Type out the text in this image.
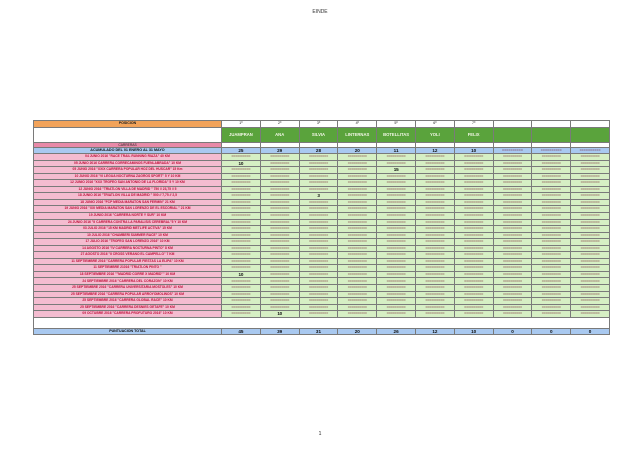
EINDE
POSICION	1º	2º	3º	4º	5º	6º	7º			
	JUAMPRAN	ANA	SILVIA	LINTERNAS	BOTELLITAS	YOLI	FELIX			
CARRERAS										
ACUMULADO DEL 01 ENERO AL 31 MAYO	25	29	28	20	11	12	10	==========	==========	==========
04 JUNIO 2016 "RACE TRAIL RUNNING RIAZA" 40 KM	==========	==========	==========	==========	==========	==========	==========	==========	==========	==========
05 JUNIO 2016 CARRERA CORRECAMINOS FUENLABRADA" 10 KM	10	==========	==========	==========	==========	==========	==========	==========	==========	==========
05 JUNIO 2016 "XXIX CARRERA POPULAR HOZ DEL HUSCAR" 15 Km	==========	==========	==========	==========	15	==========	==========	==========	==========	==========
10 JUNIO 2016 "VI LEGUA NOCTURNA ZAGROS SPORT" 5 Y 10 KM	==========	==========	==========	==========	==========	==========	==========	==========	==========	==========
12 JUNIO 2016 "XXX TROFEO SAN ANTONIO DE LA FLORIDA" 5 Y 10 KM	==========	==========	==========	==========	==========	==========	==========	==========	==========	==========
12 JUNIO 2016 "TRIATLON VILLA DE MADRID " 750 // 23,75 // 5	==========	==========	==========	==========	==========	==========	==========	==========	==========	==========
18 JUNIO 2016 "TRIATLON VILLA DE MADRID " 500 // 7,75 // 2,5	==========	==========	3	==========	==========	==========	==========	==========	==========	==========
18 JUNIO 2016 "FCP MEDIA MARATON SAN FERMIN" 21 KM	==========	==========	==========	==========	==========	==========	==========	==========	==========	==========
19 JUNIO 2016 "XXI MEDIA MARATON SAN LORENZO DE EL ESCORIAL " 21 KM	==========	==========	==========	==========	==========	==========	==========	==========	==========	==========
19 JUNIO 2016 "CARRERA NORTE Y SUR" 10 KM	==========	==========	==========	==========	==========	==========	==========	==========	==========	==========
24 JUNIO 2016 "II CARRERA CONTRA LA PARALISIS CEREBRAL"5 Y 10 KM	==========	==========	==========	==========	==========	==========	==========	==========	==========	==========
03 JULIO 2016 "15 KM MADRID METLIFE ACTIVA" 15 KM	==========	==========	==========	==========	==========	==========	==========	==========	==========	==========
10 JULIO 2016 "CHAMBERI SUMMER RACE" 10 KM	==========	==========	==========	==========	==========	==========	==========	==========	==========	==========
17 JULIO 2016 "TROFEO SAN LORENZO 2016" 10 KM	==========	==========	==========	==========	==========	==========	==========	==========	==========	==========
14 AGOSTO 2016 "IV CARRERA NOCTURNA PINTO" 8 KM	==========	==========	==========	==========	==========	==========	==========	==========	==========	==========
27 AGOSTO 2016 "II CROSS VERANO EL CAMPELLO" 7 KM	==========	==========	==========	==========	==========	==========	==========	==========	==========	==========
11 SEPTIEMBRE 2016 "CARRERA POPULAR FIESTAS LA ELIPA" 10 KM	==========	==========	==========	==========	==========	==========	==========	==========	==========	==========
11 SEPTIEMBRE 21016 "TRIATLON PINTO "	==========	==========	==========	==========	==========	==========	==========	==========	==========	==========
18 SEPTIEMBRE 2016 ""MADRID CORRE X MADRID"" 10 KM	10	==========	==========	==========	==========	==========	==========	==========	==========	==========
24 SEPTIEMBRE 2016 "CARRERA DEL CORAZON" 10 KM	==========	==========	==========	==========	==========	==========	==========	==========	==========	==========
25 SEPTIEMBRE 2016 "CARRERA UNIVERSITARIA MOSTOLES" 10 KM	==========	==========	==========	==========	==========	==========	==========	==========	==========	==========
25 SEPTIEMBRE 2016 "CARRERA POPULAR ARROYOMOLINOS" 10 KM	==========	==========	==========	==========	==========	==========	==========	==========	==========	==========
25 SEPTIEMBRE 2016 "CARRERA GLOBAL RACE" 10 KM	==========	==========	==========	==========	==========	==========	==========	==========	==========	==========
25 SEPTIEMBRE 2016 "CARRERA DESNIES GETAFE" 10 KM	==========	==========	==========	==========	==========	==========	==========	==========	==========	==========
09 OCTUBRE 2016 "CARRERA PROFUTURO 2016" 10 KM	==========	10	==========	==========	==========	==========	==========	==========	==========	==========

PUNTUACION TOTAL	45	39	31	20	26	12	10	0	0	0
1
